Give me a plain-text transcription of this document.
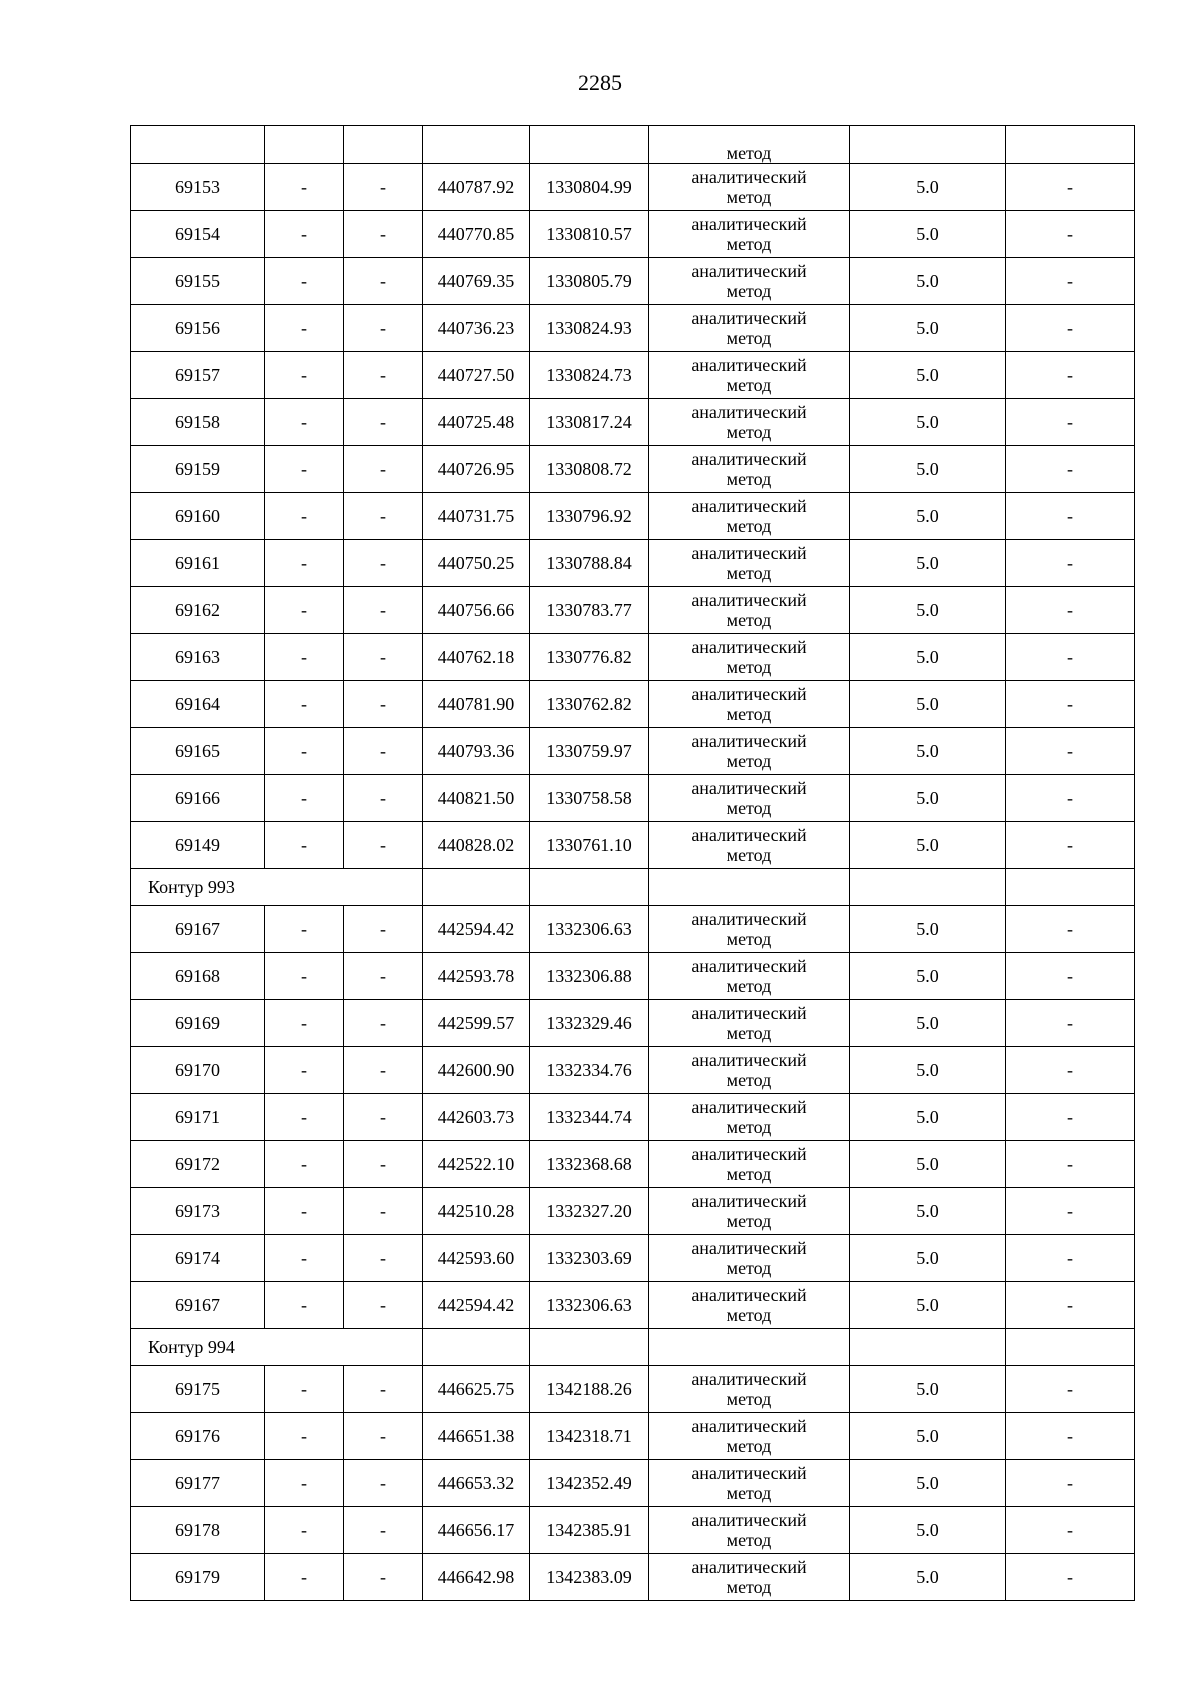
2285
					метод		
69153	-	-	440787.92	1330804.99	аналитический
метод	5.0	-
69154	-	-	440770.85	1330810.57	аналитический
метод	5.0	-
69155	-	-	440769.35	1330805.79	аналитический
метод	5.0	-
69156	-	-	440736.23	1330824.93	аналитический
метод	5.0	-
69157	-	-	440727.50	1330824.73	аналитический
метод	5.0	-
69158	-	-	440725.48	1330817.24	аналитический
метод	5.0	-
69159	-	-	440726.95	1330808.72	аналитический
метод	5.0	-
69160	-	-	440731.75	1330796.92	аналитический
метод	5.0	-
69161	-	-	440750.25	1330788.84	аналитический
метод	5.0	-
69162	-	-	440756.66	1330783.77	аналитический
метод	5.0	-
69163	-	-	440762.18	1330776.82	аналитический
метод	5.0	-
69164	-	-	440781.90	1330762.82	аналитический
метод	5.0	-
69165	-	-	440793.36	1330759.97	аналитический
метод	5.0	-
69166	-	-	440821.50	1330758.58	аналитический
метод	5.0	-
69149	-	-	440828.02	1330761.10	аналитический
метод	5.0	-
Контур 993							
69167	-	-	442594.42	1332306.63	аналитический
метод	5.0	-
69168	-	-	442593.78	1332306.88	аналитический
метод	5.0	-
69169	-	-	442599.57	1332329.46	аналитический
метод	5.0	-
69170	-	-	442600.90	1332334.76	аналитический
метод	5.0	-
69171	-	-	442603.73	1332344.74	аналитический
метод	5.0	-
69172	-	-	442522.10	1332368.68	аналитический
метод	5.0	-
69173	-	-	442510.28	1332327.20	аналитический
метод	5.0	-
69174	-	-	442593.60	1332303.69	аналитический
метод	5.0	-
69167	-	-	442594.42	1332306.63	аналитический
метод	5.0	-
Контур 994							
69175	-	-	446625.75	1342188.26	аналитический
метод	5.0	-
69176	-	-	446651.38	1342318.71	аналитический
метод	5.0	-
69177	-	-	446653.32	1342352.49	аналитический
метод	5.0	-
69178	-	-	446656.17	1342385.91	аналитический
метод	5.0	-
69179	-	-	446642.98	1342383.09	аналитический
метод	5.0	-
